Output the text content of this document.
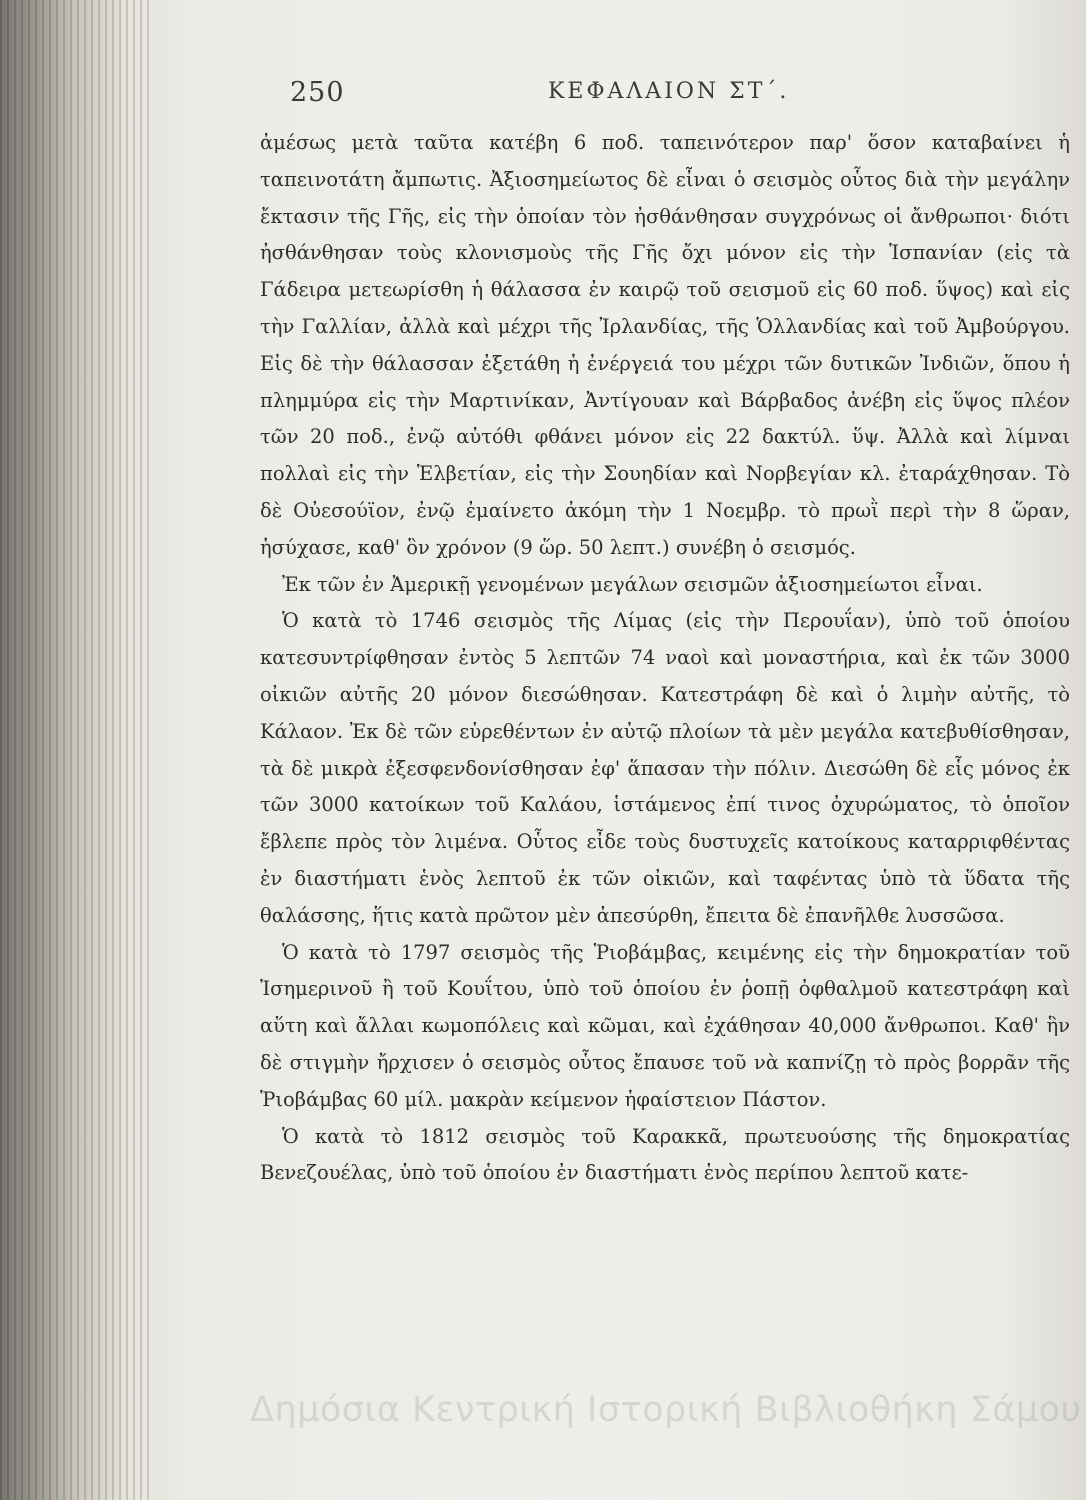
250	ΚΕΦΑΛΑΙΟΝ ΣΤ΄.

ἀμέσως μετὰ ταῦτα κατέβη 6 ποδ. ταπεινότερον παρ' ὅσον καταβαίνει ἡ ταπεινοτάτη ἄμπωτις. Ἀξιοσημείωτος δὲ εἶναι ὁ σεισμὸς οὗτος διὰ τὴν μεγάλην ἔκτασιν τῆς Γῆς, εἰς τὴν ὁποίαν τὸν ἠσθάνθησαν συγχρόνως οἱ ἄνθρωποι· διότι ἠσθάνθησαν τοὺς κλονισμοὺς τῆς Γῆς ὄχι μόνον εἰς τὴν Ἱσπανίαν (εἰς τὰ Γάδειρα μετεωρίσθη ἡ θάλασσα ἐν καιρῷ τοῦ σεισμοῦ εἰς 60 ποδ. ὕψος) καὶ εἰς τὴν Γαλλίαν, ἀλλὰ καὶ μέχρι τῆς Ἰρλανδίας, τῆς Ὁλλανδίας καὶ τοῦ Ἀμβούργου. Εἰς δὲ τὴν θάλασσαν ἐξετάθη ἡ ἐνέργειά του μέχρι τῶν δυτικῶν Ἰνδιῶν, ὅπου ἡ πλημμύρα εἰς τὴν Μαρτινίκαν, Ἀντίγουαν καὶ Βάρβαδος ἀνέβη εἰς ὕψος πλέον τῶν 20 ποδ., ἐνῷ αὐτόθι φθάνει μόνον εἰς 22 δακτύλ. ὕψ. Ἀλλὰ καὶ λίμναι πολλαὶ εἰς τὴν Ἑλβετίαν, εἰς τὴν Σουηδίαν καὶ Νορβεγίαν κλ. ἐταράχθησαν. Τὸ δὲ Οὐεσούϊον, ἐνῷ ἐμαίνετο ἀκόμη τὴν 1 Νοεμβρ. τὸ πρωῒ περὶ τὴν 8 ὥραν, ἡσύχασε, καθ' ὃν χρόνον (9 ὥρ. 50 λεπτ.) συνέβη ὁ σεισμός.

Ἐκ τῶν ἐν Ἀμερικῇ γενομένων μεγάλων σεισμῶν ἀξιοσημείωτοι εἶναι.

Ὁ κατὰ τὸ 1746 σεισμὸς τῆς Λίμας (εἰς τὴν Περουΐαν), ὑπὸ τοῦ ὁποίου κατεσυντρίφθησαν ἐντὸς 5 λεπτῶν 74 ναοὶ καὶ μοναστήρια, καὶ ἐκ τῶν 3000 οἰκιῶν αὐτῆς 20 μόνον διεσώθησαν. Κατεστράφη δὲ καὶ ὁ λιμὴν αὐτῆς, τὸ Κάλαον. Ἐκ δὲ τῶν εὑρεθέντων ἐν αὐτῷ πλοίων τὰ μὲν μεγάλα κατεβυθίσθησαν, τὰ δὲ μικρὰ ἐξεσφενδονίσθησαν ἐφ' ἅπασαν τὴν πόλιν. Διεσώθη δὲ εἷς μόνος ἐκ τῶν 3000 κατοίκων τοῦ Καλάου, ἱστάμενος ἐπί τινος ὀχυρώματος, τὸ ὁποῖον ἔβλεπε πρὸς τὸν λιμένα. Οὗτος εἶδε τοὺς δυστυχεῖς κατοίκους καταρριφθέντας ἐν διαστήματι ἑνὸς λεπτοῦ ἐκ τῶν οἰκιῶν, καὶ ταφέντας ὑπὸ τὰ ὕδατα τῆς θαλάσσης, ἥτις κατὰ πρῶτον μὲν ἀπεσύρθη, ἔπειτα δὲ ἐπανῆλθε λυσσῶσα.

Ὁ κατὰ τὸ 1797 σεισμὸς τῆς Ῥιοβάμβας, κειμένης εἰς τὴν δημοκρατίαν τοῦ Ἰσημερινοῦ ἢ τοῦ Κουΐτου, ὑπὸ τοῦ ὁποίου ἐν ῥοπῇ ὀφθαλμοῦ κατεστράφη καὶ αὕτη καὶ ἄλλαι κωμοπόλεις καὶ κῶμαι, καὶ ἐχάθησαν 40,000 ἄνθρωποι. Καθ' ἣν δὲ στιγμὴν ἤρχισεν ὁ σεισμὸς οὗτος ἔπαυσε τοῦ νὰ καπνίζῃ τὸ πρὸς βορρᾶν τῆς Ῥιοβάμβας 60 μίλ. μακρὰν κείμενον ἡφαίστειον Πάστον.

Ὁ κατὰ τὸ 1812 σεισμὸς τοῦ Καρακκᾶ, πρωτευούσης τῆς δημοκρατίας Βενεζουέλας, ὑπὸ τοῦ ὁποίου ἐν διαστήματι ἑνὸς περίπου λεπτοῦ κατε-

Δημόσια Κεντρική Ιστορική Βιβλιοθήκη Σάμου
